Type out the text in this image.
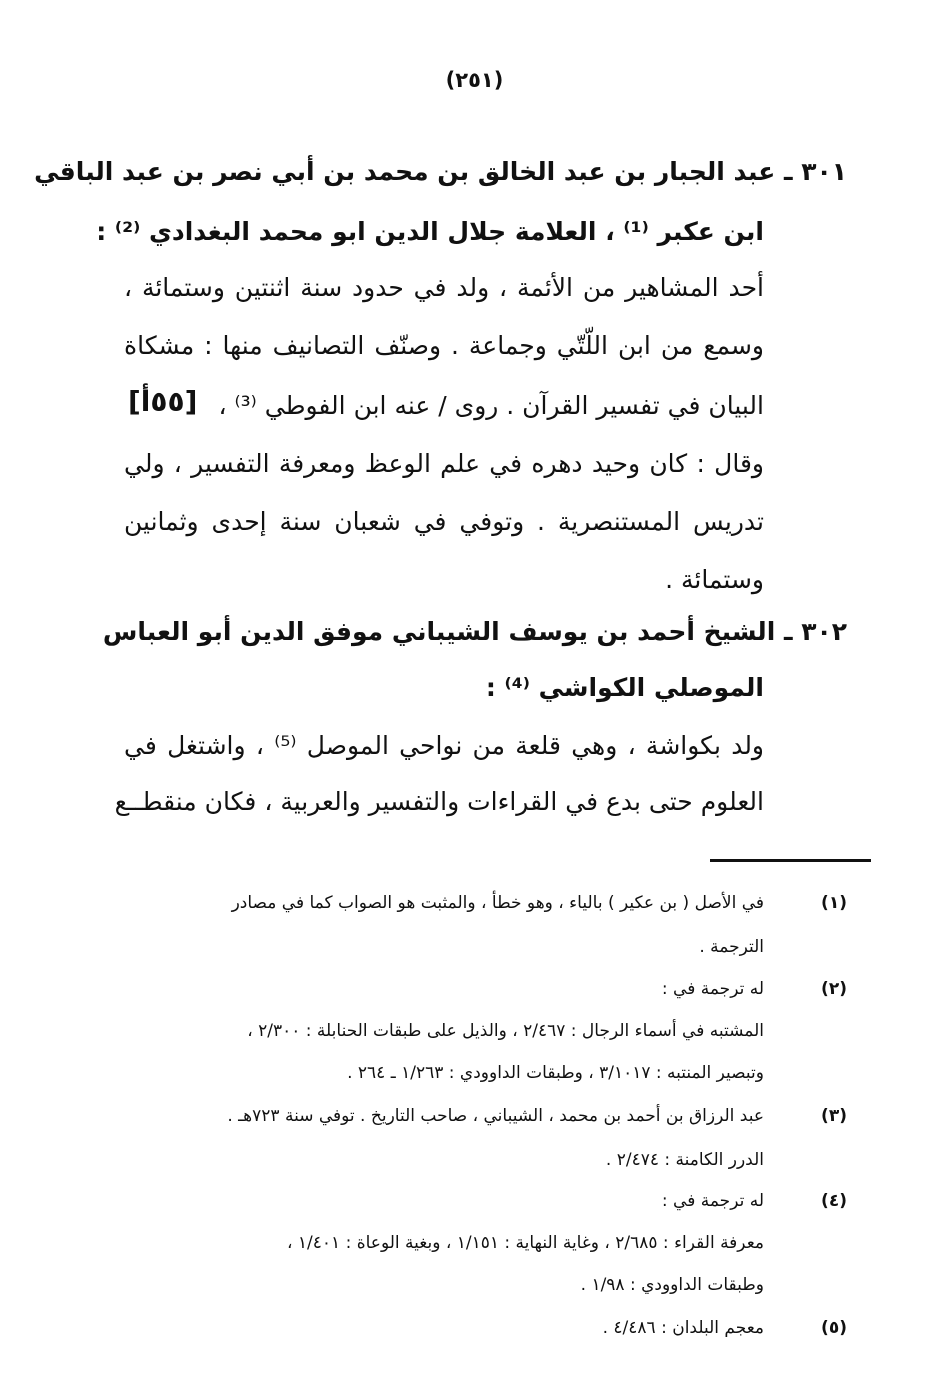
(٢٥١)
٣٠١ ـ عبد الجبار بن عبد الخالق بن محمد بن أبي نصر بن عبد الباقي
ابن عكبر ⁽¹⁾ ، العلامة جلال الدين ابو محمد البغدادي ⁽²⁾ :
أحد المشاهير من الأئمة ، ولد في حدود سنة اثنتين وستمائة ،
وسمع من ابن اللّتّي وجماعة . وصنّف التصانيف منها : مشكاة
البيان في تفسير القرآن . روى / عنه ابن الفوطي ⁽³⁾ ،
[٥٥أ]
وقال : كان وحيد دهره في علم الوعظ ومعرفة التفسير ، ولي
تدريس المستنصرية . وتوفي في شعبان سنة إحدى وثمانين
وستمائة .
٣٠٢ ـ الشيخ أحمد بن يوسف الشيباني موفق الدين أبو العباس
الموصلي الكواشي ⁽⁴⁾ :
ولد بكواشة ، وهي قلعة من نواحي الموصل ⁽⁵⁾ ، واشتغل في
العلوم حتى بدع في القراءات والتفسير والعربية ، فكان منقطــع
(١)
في الأصل ( بن عكير ) بالياء ، وهو خطأ ، والمثبت هو الصواب كما في مصادر
الترجمة .
(٢)
له ترجمة في :
المشتبه في أسماء الرجال : ٢/٤٦٧ ، والذيل على طبقات الحنابلة : ٢/٣٠٠ ،
وتبصير المنتبه : ٣/١٠١٧ ، وطبقات الداوودي : ١/٢٦٣ ـ ٢٦٤ .
(٣)
عبد الرزاق بن أحمد بن محمد ، الشيباني ، صاحب التاريخ . توفي سنة ٧٢٣هـ .
الدرر الكامنة : ٢/٤٧٤ .
(٤)
له ترجمة في :
معرفة القراء : ٢/٦٨٥ ، وغاية النهاية : ١/١٥١ ، وبغية الوعاة : ١/٤٠١ ،
وطبقات الداوودي : ١/٩٨ .
(٥)
معجم البلدان : ٤/٤٨٦ .
